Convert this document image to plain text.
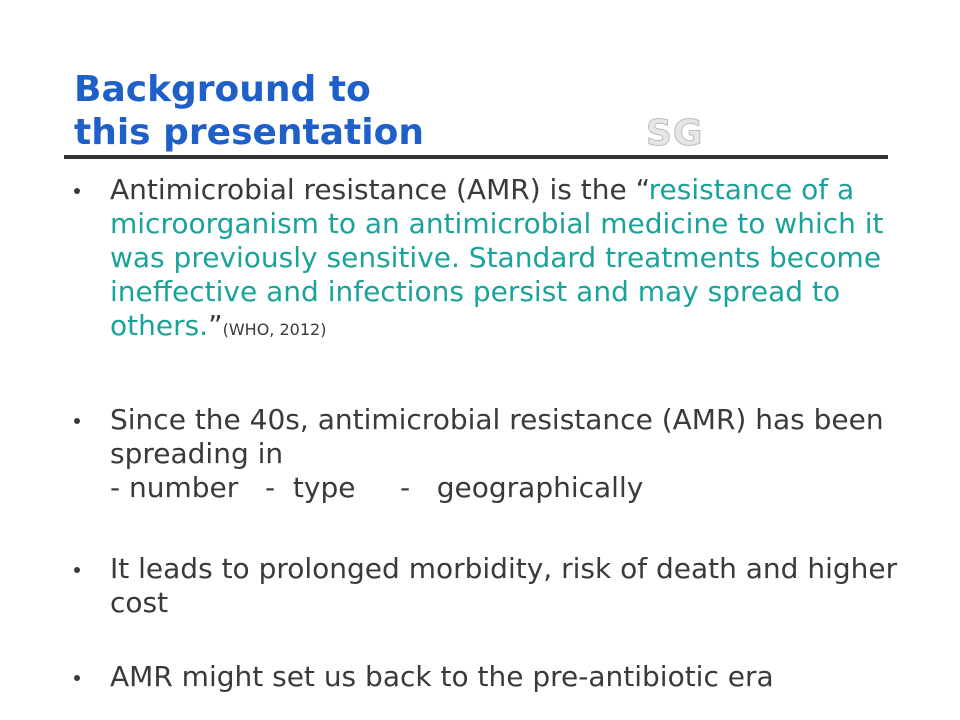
Background to
this presentation	SG
Antimicrobial resistance (AMR) is the “resistance of a microorganism to an antimicrobial medicine to which it was previously sensitive. Standard treatments become ineffective and infections persist and may spread to others.”(WHO, 2012)
Since the 40s, antimicrobial resistance (AMR) has been spreading in
- number   -  type     -   geographically
It leads to prolonged morbidity, risk of death and higher cost
AMR might set us back to the pre-antibiotic era
